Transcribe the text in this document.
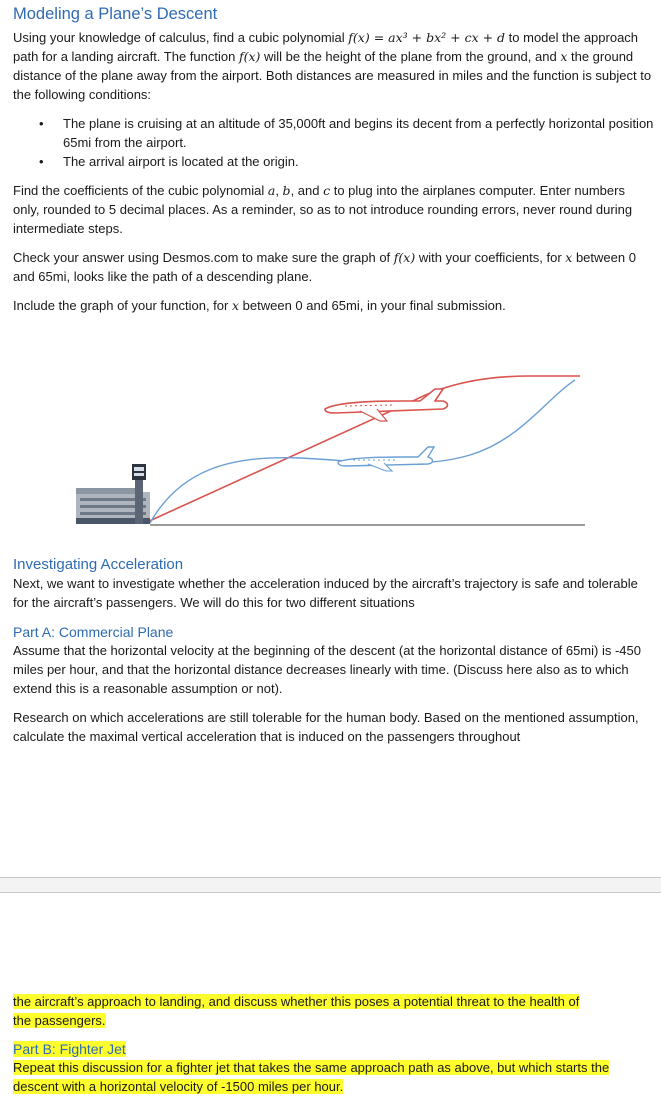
Modeling a Plane’s Descent

Using your knowledge of calculus, find a cubic polynomial f(x) = ax³ + bx² + cx + d to model the approach path for a landing aircraft. The function f(x) will be the height of the plane from the ground, and x the ground distance of the plane away from the airport. Both distances are measured in miles and the function is subject to the following conditions:

• The plane is cruising at an altitude of 35,000ft and begins its decent from a perfectly horizontal position 65mi from the airport.
• The arrival airport is located at the origin.

Find the coefficients of the cubic polynomial a, b, and c to plug into the airplanes computer. Enter numbers only, rounded to 5 decimal places. As a reminder, so as to not introduce rounding errors, never round during intermediate steps.

Check your answer using Desmos.com to make sure the graph of f(x) with your coefficients, for x between 0 and 65mi, looks like the path of a descending plane.

Include the graph of your function, for x between 0 and 65mi, in your final submission.

Investigating Acceleration

Next, we want to investigate whether the acceleration induced by the aircraft’s trajectory is safe and tolerable for the aircraft’s passengers. We will do this for two different situations

Part A: Commercial Plane

Assume that the horizontal velocity at the beginning of the descent (at the horizontal distance of 65mi) is -450 miles per hour, and that the horizontal distance decreases linearly with time. (Discuss here also as to which extend this is a reasonable assumption or not).

Research on which accelerations are still tolerable for the human body. Based on the mentioned assumption, calculate the maximal vertical acceleration that is induced on the passengers throughout

the aircraft’s approach to landing, and discuss whether this poses a potential threat to the health of
the passengers.

Part B: Fighter Jet

Repeat this discussion for a fighter jet that takes the same approach path as above, but which starts the
descent with a horizontal velocity of -1500 miles per hour.
